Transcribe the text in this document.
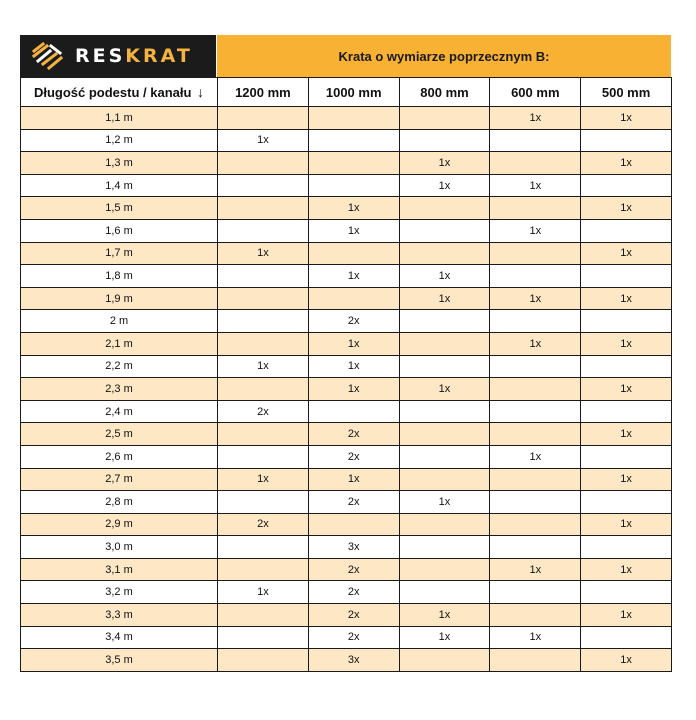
RESKRAT	Krata o wymiarze poprzecznym B:
Długość podestu / kanału ↓	1200 mm	1000 mm	800 mm	600 mm	500 mm
1,1 m				1x	1x
1,2 m	1x				
1,3 m			1x		1x
1,4 m			1x	1x	
1,5 m		1x			1x
1,6 m		1x		1x	
1,7 m	1x				1x
1,8 m		1x	1x		
1,9 m			1x	1x	1x
2 m		2x			
2,1 m		1x		1x	1x
2,2 m	1x	1x			
2,3 m		1x	1x		1x
2,4 m	2x				
2,5 m		2x			1x
2,6 m		2x		1x	
2,7 m	1x	1x			1x
2,8 m		2x	1x		
2,9 m	2x				1x
3,0 m		3x			
3,1 m		2x		1x	1x
3,2 m	1x	2x			
3,3 m		2x	1x		1x
3,4 m		2x	1x	1x	
3,5 m		3x			1x
